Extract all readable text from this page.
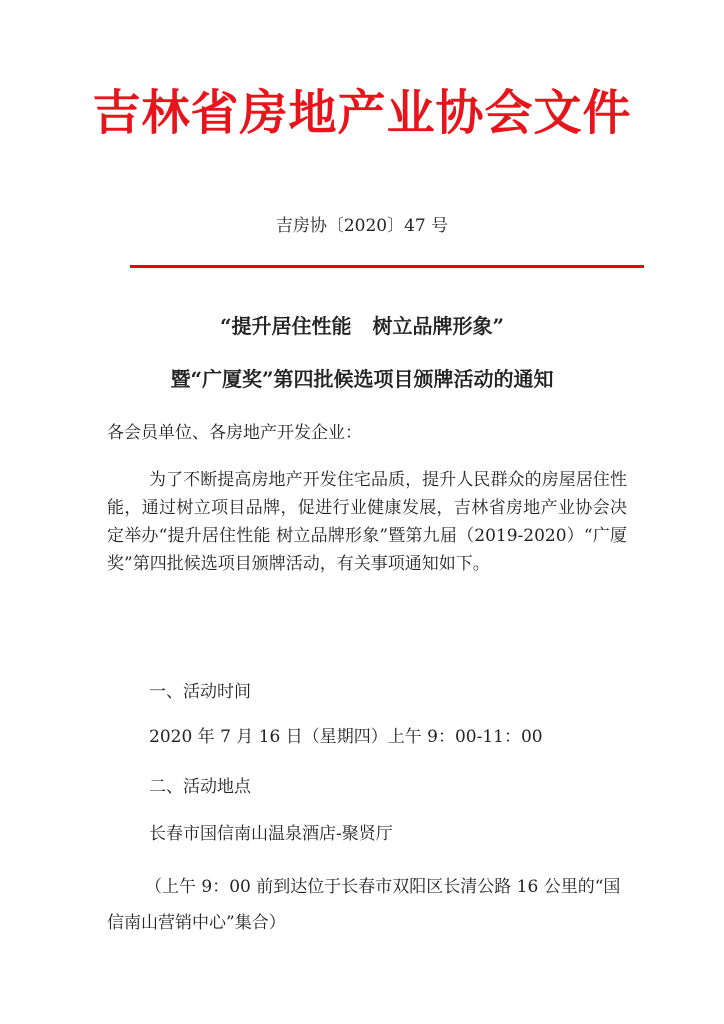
吉林省房地产业协会文件
吉房协〔2020〕47 号
“提升居住性能   树立品牌形象”
暨“广厦奖”第四批候选项目颁牌活动的通知
各会员单位、各房地产开发企业：
为了不断提高房地产开发住宅品质，提升人民群众的房屋居住性能，通过树立项目品牌，促进行业健康发展，吉林省房地产业协会决定举办“提升居住性能 树立品牌形象”暨第九届（2019-2020）“广厦奖”第四批候选项目颁牌活动，有关事项通知如下。
一、活动时间
2020 年 7 月 16 日（星期四）上午 9：00-11：00
二、活动地点
长春市国信南山温泉酒店-聚贤厅
（上午 9：00 前到达位于长春市双阳区长清公路 16 公里的“国信南山营销中心”集合）
